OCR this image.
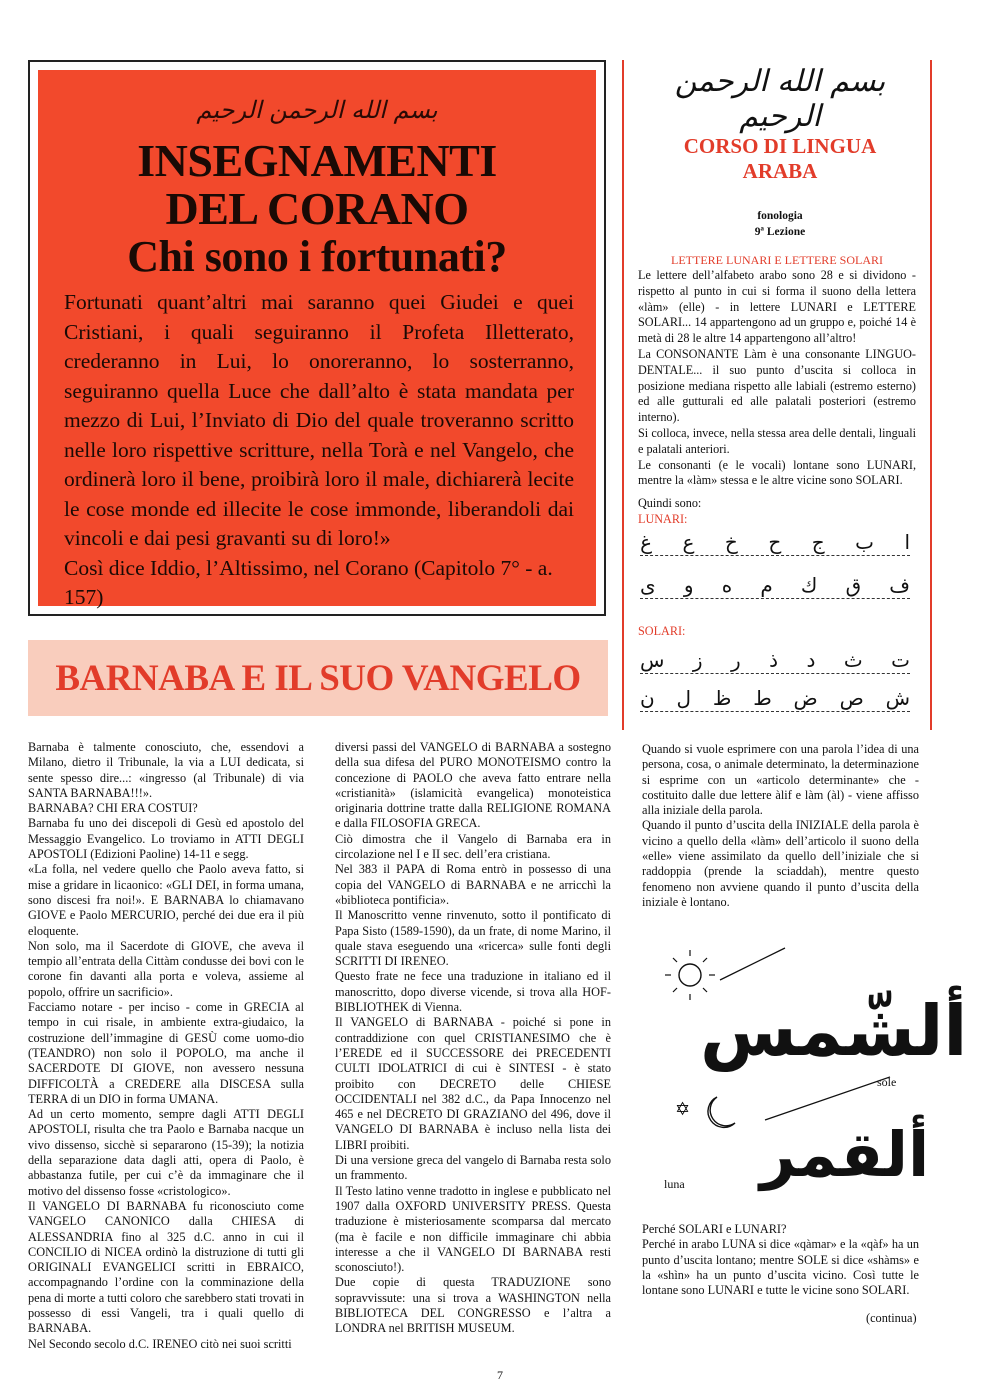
بسم الله الرحمن الرحيم
INSEGNAMENTI
DEL CORANO
Chi sono i fortunati?

Fortunati quant’altri mai saranno quei Giudei e quei Cristiani, i quali seguiranno il Profeta Illetterato, crederanno in Lui, lo onoreranno, lo sosterranno, seguiranno quella Luce che dall’alto è stata mandata per mezzo di Lui, l’Inviato di Dio del quale troveranno scritto nelle loro rispettive scritture, nella Torà e nel Vangelo, che ordinerà loro il bene, proibirà loro il male, dichiarerà lecite le cose monde ed illecite le cose immonde, liberandoli dai vincoli e dai pesi gravanti su di loro!»

Così dice Iddio, l’Altissimo, nel Corano (Capitolo 7° - a. 157)

بسم الله الرحمن الرحيم
CORSO DI LINGUA
ARABA
fonologia
9ª Lezione
LETTERE LUNARI E LETTERE SOLARI

Le lettere dell’alfabeto arabo sono 28 e si dividono - rispetto al punto in cui si forma il suono della lettera «làm» (elle) - in lettere LUNARI e LETTERE SOLARI... 14 appartengono ad un gruppo e, poiché 14 è metà di 28 le altre 14 appartengono all’altro!

La CONSONANTE Làm è una consonante LINGUO-DENTALE... il suo punto d’uscita si colloca in posizione mediana rispetto alle labiali (estremo esterno) ed alle gutturali ed alle palatali posteriori (estremo interno).

Si colloca, invece, nella stessa area delle dentali, linguali e palatali anteriori.

Le consonanti (e le vocali) lontane sono LUNARI, mentre la «làm» stessa e le altre vicine sono SOLARI.

Quindi sono:
LUNARI:
ا
ب
ج
ح
خ
ع
غ
ف
ق
ك
م
ه
و
ى
SOLARI:
ت
ث
د
ذ
ر
ز
س
ش
ص
ض
ط
ظ
ل
ن
BARNABA E IL SUO VANGELO

Barnaba è talmente conosciuto, che, essendovi a Milano, dietro il Tribunale, la via a LUI dedicata, si sente spesso dire...: «ingresso (al Tribunale) di via SANTA BARNABA!!!».

BARNABA? CHI ERA COSTUI?

Barnaba fu uno dei discepoli di Gesù ed apostolo del Messaggio Evangelico. Lo troviamo in ATTI DEGLI APOSTOLI (Edizioni Paoline) 14-11 e segg.

«La folla, nel vedere quello che Paolo aveva fatto, si mise a gridare in licaonico: «GLI DEI, in forma umana, sono discesi fra noi!». E BARNABA lo chiamavano GIOVE e Paolo MERCURIO, perché dei due era il più eloquente.

Non solo, ma il Sacerdote di GIOVE, che aveva il tempio all’entrata della Cittàm condusse dei bovi con le corone fin davanti alla porta e voleva, assieme al popolo, offrire un sacrificio».

Facciamo notare - per inciso - come in GRECIA al tempo in cui risale, in ambiente extra-giudaico, la costruzione dell’immagine di GESÙ come uomo-dio (TEANDRO) non solo il POPOLO, ma anche il SACERDOTE DI GIOVE, non avessero nessuna DIFFICOLTÀ a CREDERE alla DISCESA sulla TERRA di un DIO in forma UMANA.

Ad un certo momento, sempre dagli ATTI DEGLI APOSTOLI, risulta che tra Paolo e Barnaba nacque un vivo dissenso, sicchè si separarono (15-39); la notizia della separazione data dagli atti, opera di Paolo, è abbastanza futile, per cui c’è da immaginare che il motivo del dissenso fosse «cristologico».

Il VANGELO DI BARNABA fu riconosciuto come VANGELO CANONICO dalla CHIESA di ALESSANDRIA fino al 325 d.C. anno in cui il CONCILIO di NICEA ordinò la distruzione di tutti gli ORIGINALI EVANGELICI scritti in EBRAICO, accompagnando l’ordine con la comminazione della pena di morte a tutti coloro che sarebbero stati trovati in possesso di essi Vangeli, tra i quali quello di BARNABA.

Nel Secondo secolo d.C. IRENEO citò nei suoi scritti

diversi passi del VANGELO di BARNABA a sostegno della sua difesa del PURO MONOTEISMO contro la concezione di PAOLO che aveva fatto entrare nella «cristianità» (islamicità evangelica) monoteistica originaria dottrine tratte dalla RELIGIONE ROMANA e dalla FILOSOFIA GRECA.

Ciò dimostra che il Vangelo di Barnaba era in circolazione nel I e II sec. dell’era cristiana.

Nel 383 il PAPA di Roma entrò in possesso di una copia del VANGELO di BARNABA e ne arricchì la «biblioteca pontificia».

Il Manoscritto venne rinvenuto, sotto il pontificato di Papa Sisto (1589-1590), da un frate, di nome Marino, il quale stava eseguendo una «ricerca» sulle fonti degli SCRITTI DI IRENEO.

Questo frate ne fece una traduzione in italiano ed il manoscritto, dopo diverse vicende, si trova alla HOF-BIBLIOTHEK di Vienna.

Il VANGELO di BARNABA - poiché si pone in contraddizione con quel CRISTIANESIMO che è l’EREDE ed il SUCCESSORE dei PRECEDENTI CULTI IDOLATRICI di cui è SINTESI - è stato proibito con DECRETO delle CHIESE OCCIDENTALI nel 382 d.C., da Papa Innocenzo nel 465 e nel DECRETO DI GRAZIANO del 496, dove il VANGELO DI BARNABA è incluso nella lista dei LIBRI proibiti.

Di una versione greca del vangelo di Barnaba resta solo un frammento.

Il Testo latino venne tradotto in inglese e pubblicato nel 1907 dalla OXFORD UNIVERSITY PRESS. Questa traduzione è misteriosamente scomparsa dal mercato (ma è facile e non difficile immaginare chi abbia interesse a che il VANGELO DI BARNABA resti sconosciuto!).

Due copie di questa TRADUZIONE sono sopravvissute: una si trova a WASHINGTON nella BIBLIOTECA DEL CONGRESSO e l’altra a LONDRA nel BRITISH MUSEUM.

Quando si vuole esprimere con una parola l’idea di una persona, cosa, o animale determinato, la determinazione si esprime con un «articolo determinante» che - costituito dalle due lettere àlif e làm (àl) - viene affisso alla iniziale della parola.

Quando il punto d’uscita della INIZIALE della parola è vicino a quello della «làm» dell’articolo il suono della «elle» viene assimilato da quello dell’iniziale che si raddoppia (prende la sciaddah), mentre questo fenomeno non avviene quando il punto d’uscita della iniziale è lontano.

ألشّمس
sole
✡
ألقمر
luna

Perché SOLARI e LUNARI?

Perché in arabo LUNA si dice «qàmar» e la «qàf» ha un punto d’uscita lontano; mentre SOLE si dice «shàms» e la «shìn» ha un punto d’uscita vicino. Così tutte le lontane sono LUNARI e tutte le vicine sono SOLARI.

(continua)
7
